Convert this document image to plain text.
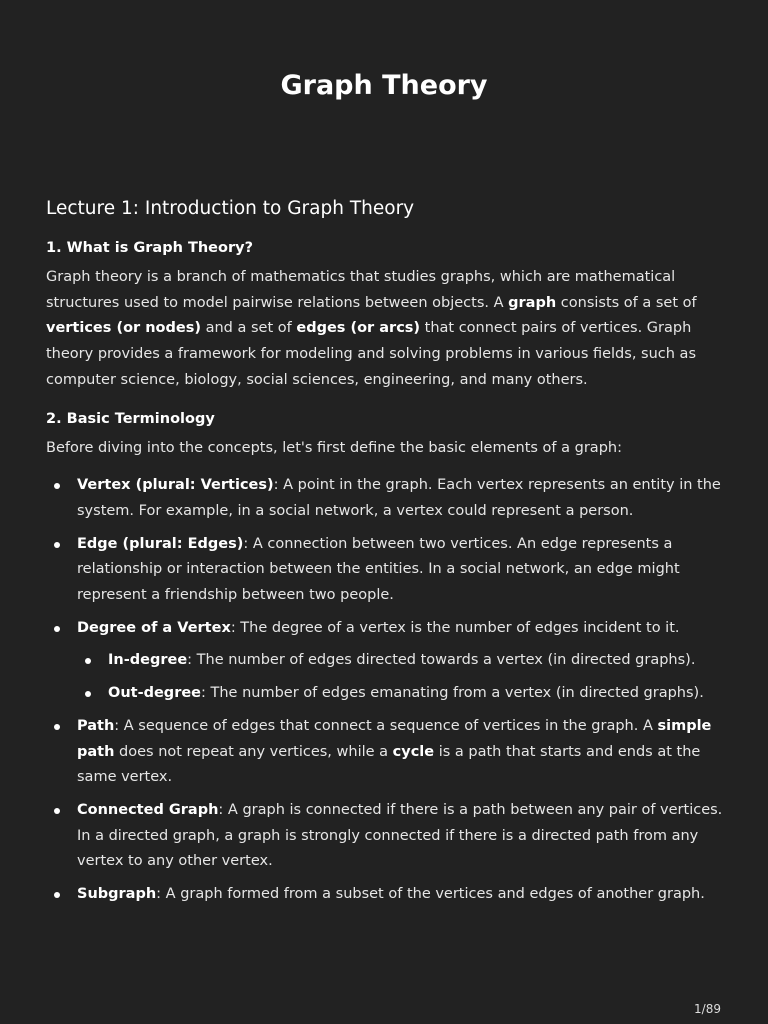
Graph Theory
Lecture 1: Introduction to Graph Theory
1. What is Graph Theory?

Graph theory is a branch of mathematics that studies graphs, which are mathematical structures used to model pairwise relations between objects. A graph consists of a set of vertices (or nodes) and a set of edges (or arcs) that connect pairs of vertices. Graph theory provides a framework for modeling and solving problems in various fields, such as computer science, biology, social sciences, engineering, and many others.

2. Basic Terminology

Before diving into the concepts, let's first define the basic elements of a graph:

Vertex (plural: Vertices): A point in the graph. Each vertex represents an entity in the system. For example, in a social network, a vertex could represent a person.
Edge (plural: Edges): A connection between two vertices. An edge represents a relationship or interaction between the entities. In a social network, an edge might represent a friendship between two people.
Degree of a Vertex: The degree of a vertex is the number of edges incident to it.
In-degree: The number of edges directed towards a vertex (in directed graphs).
Out-degree: The number of edges emanating from a vertex (in directed graphs).
Path: A sequence of edges that connect a sequence of vertices in the graph. A simple path does not repeat any vertices, while a cycle is a path that starts and ends at the same vertex.
Connected Graph: A graph is connected if there is a path between any pair of vertices. In a directed graph, a graph is strongly connected if there is a directed path from any vertex to any other vertex.
Subgraph: A graph formed from a subset of the vertices and edges of another graph.
1/89
